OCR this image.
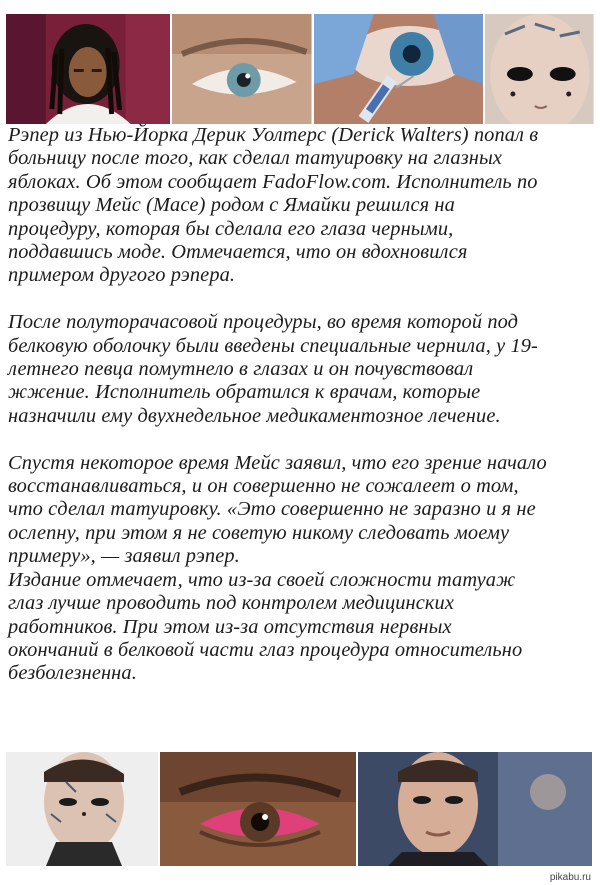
Рэпер из Нью-Йорка Дерик Уолтерс (Derick Walters) попал в
больницу после того, как сделал татуировку на глазных
яблоках. Об этом сообщает FadoFlow.com. Исполнитель по
прозвищу Мейс (Mace) родом с Ямайки решился на
процедуру, которая бы сделала его глаза черными,
поддавшись моде. Отмечается, что он вдохновился
примером другого рэпера.

После полуторачасовой процедуры, во время которой под
белковую оболочку были введены специальные чернила, у 19-
летнего певца помутнело в глазах и он почувствовал
жжение. Исполнитель обратился к врачам, которые
назначили ему двухнедельное медикаментозное лечение.

Спустя некоторое время Мейс заявил, что его зрение начало
восстанавливаться, и он совершенно не сожалеет о том,
что сделал татуировку. «Это совершенно не заразно и я не
ослепну, при этом я не советую никому следовать моему
примеру», — заявил рэпер.

Издание отмечает, что из-за своей сложности татуаж
глаз лучше проводить под контролем медицинских
работников. При этом из-за отсутствия нервных
окончаний в белковой части глаз процедура относительно
безболезненна.

pikabu.ru
